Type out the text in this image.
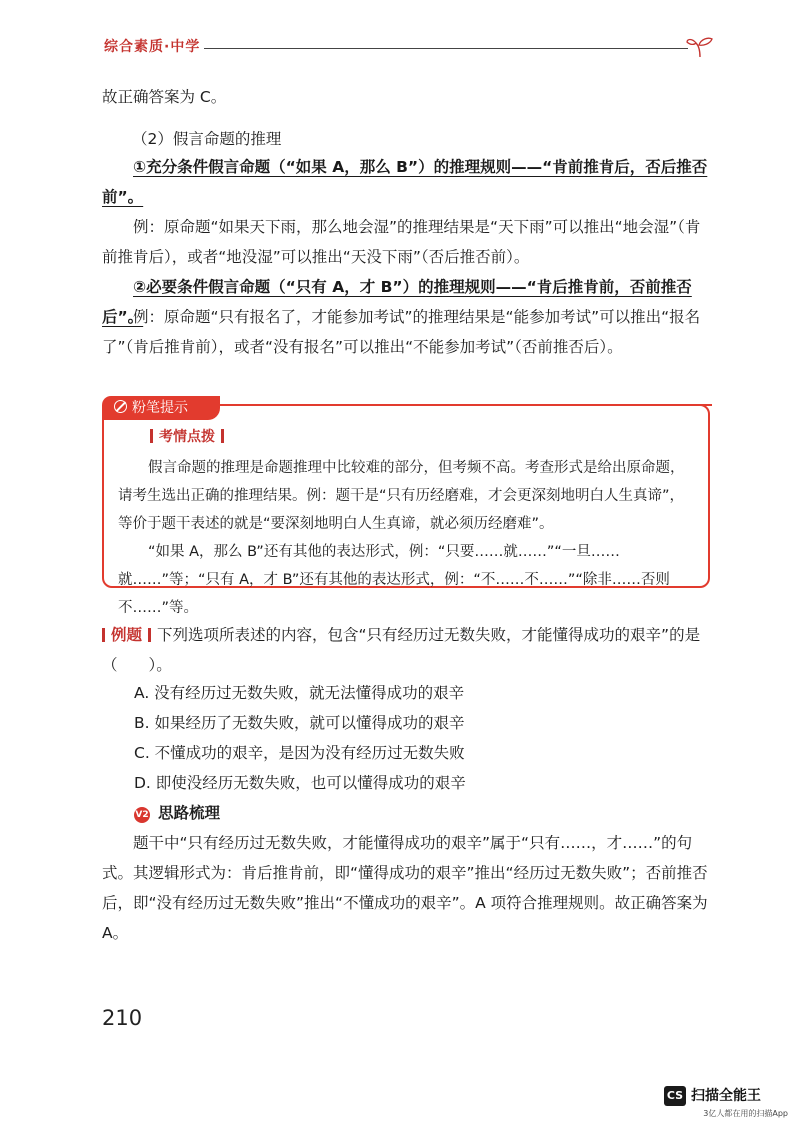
综合素质·中学
故正确答案为 C。
（2）假言命题的推理
①充分条件假言命题（“如果 A，那么 B”）的推理规则——“肯前推肯后，否后推否前”。
例：原命题“如果天下雨，那么地会湿”的推理结果是“天下雨”可以推出“地会湿”（肯前推肯后），或者“地没湿”可以推出“天没下雨”（否后推否前）。
②必要条件假言命题（“只有 A，才 B”）的推理规则——“肯后推肯前，否前推否后”。
例：原命题“只有报名了，才能参加考试”的推理结果是“能参加考试”可以推出“报名了”（肯后推肯前），或者“没有报名”可以推出“不能参加考试”（否前推否后）。
粉笔提示
考情点拨
假言命题的推理是命题推理中比较难的部分，但考频不高。考查形式是给出原命题，请考生选出正确的推理结果。例：题干是“只有历经磨难，才会更深刻地明白人生真谛”，等价于题干表述的就是“要深刻地明白人生真谛，就必须历经磨难”。
“如果 A，那么 B”还有其他的表达形式，例：“只要……就……”“一旦……就……”等；“只有 A，才 B”还有其他的表达形式，例：“不……不……”“除非……否则不……”等。
例题 下列选项所表述的内容，包含“只有经历过无数失败，才能懂得成功的艰辛”的是（　　）。
A. 没有经历过无数失败，就无法懂得成功的艰辛
B. 如果经历了无数失败，就可以懂得成功的艰辛
C. 不懂成功的艰辛，是因为没有经历过无数失败
D. 即使没经历无数失败，也可以懂得成功的艰辛
V2 思路梳理
题干中“只有经历过无数失败，才能懂得成功的艰辛”属于“只有……，才……”的句式。其逻辑形式为：肯后推肯前，即“懂得成功的艰辛”推出“经历过无数失败”；否前推否后，即“没有经历过无数失败”推出“不懂成功的艰辛”。A 项符合推理规则。故正确答案为 A。
210
CS 扫描全能王
3亿人都在用的扫描App
